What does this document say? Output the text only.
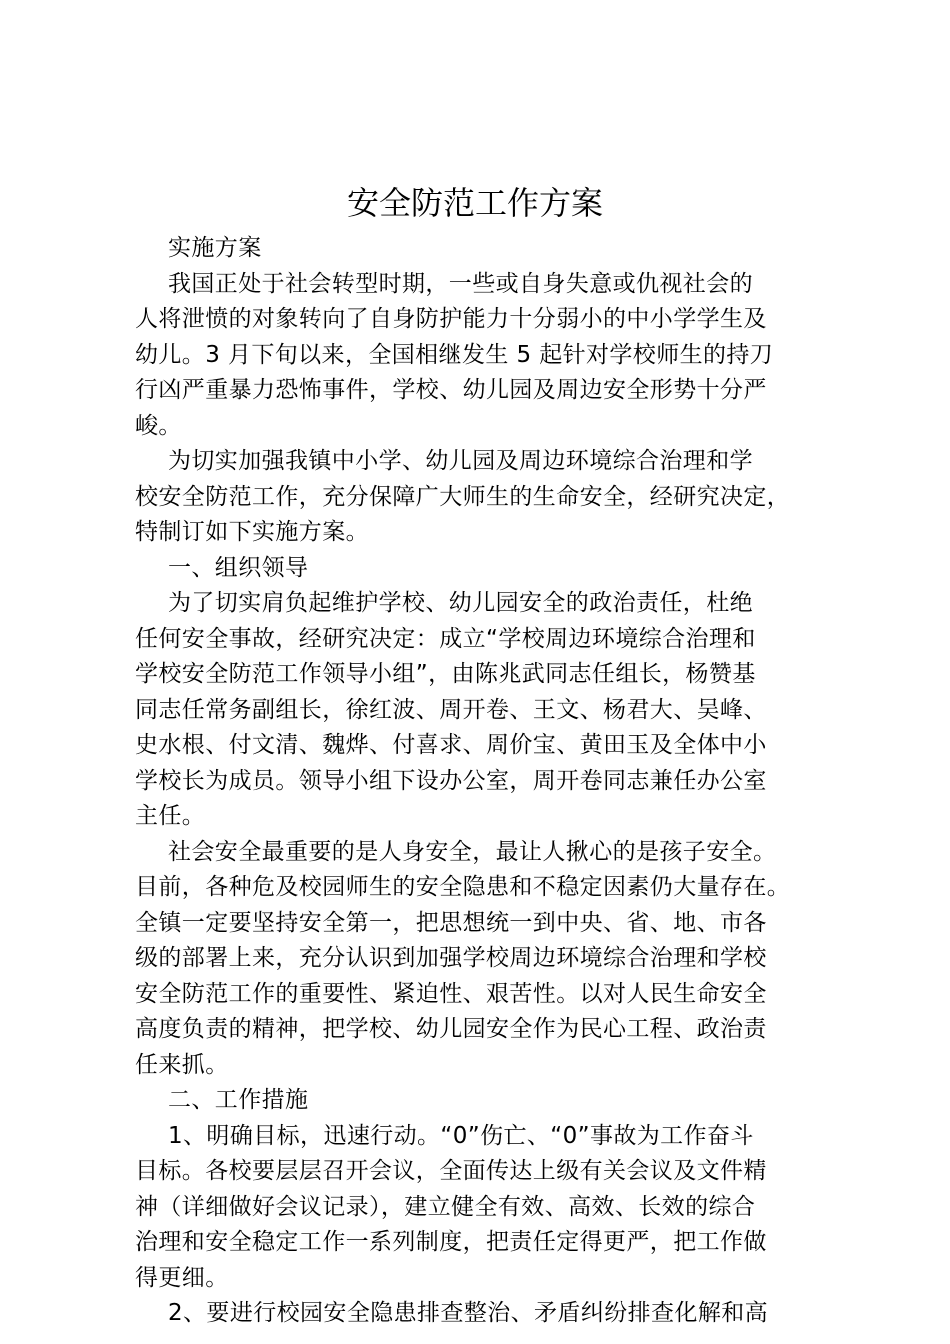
安全防范工作方案

实施方案

我国正处于社会转型时期，一些或自身失意或仇视社会的

人将泄愤的对象转向了自身防护能力十分弱小的中小学学生及

幼儿。3 月下旬以来，全国相继发生 5 起针对学校师生的持刀

行凶严重暴力恐怖事件，学校、幼儿园及周边安全形势十分严

峻。

为切实加强我镇中小学、幼儿园及周边环境综合治理和学

校安全防范工作，充分保障广大师生的生命安全，经研究决定，

特制订如下实施方案。

一、组织领导

为了切实肩负起维护学校、幼儿园安全的政治责任，杜绝

任何安全事故，经研究决定：成立“学校周边环境综合治理和

学校安全防范工作领导小组”，由陈兆武同志任组长，杨赞基

同志任常务副组长，徐红波、周开卷、王文、杨君大、吴峰、

史水根、付文清、魏烨、付喜求、周价宝、黄田玉及全体中小

学校长为成员。领导小组下设办公室，周开卷同志兼任办公室

主任。

社会安全最重要的是人身安全，最让人揪心的是孩子安全。

目前，各种危及校园师生的安全隐患和不稳定因素仍大量存在。

全镇一定要坚持安全第一，把思想统一到中央、省、地、市各

级的部署上来，充分认识到加强学校周边环境综合治理和学校

安全防范工作的重要性、紧迫性、艰苦性。以对人民生命安全

高度负责的精神，把学校、幼儿园安全作为民心工程、政治责

任来抓。

二、工作措施

1、明确目标，迅速行动。“0”伤亡、“0”事故为工作奋斗

目标。各校要层层召开会议，全面传达上级有关会议及文件精

神（详细做好会议记录），建立健全有效、高效、长效的综合

治理和安全稳定工作一系列制度，把责任定得更严，把工作做

得更细。

2、要进行校园安全隐患排查整治、矛盾纠纷排查化解和高
